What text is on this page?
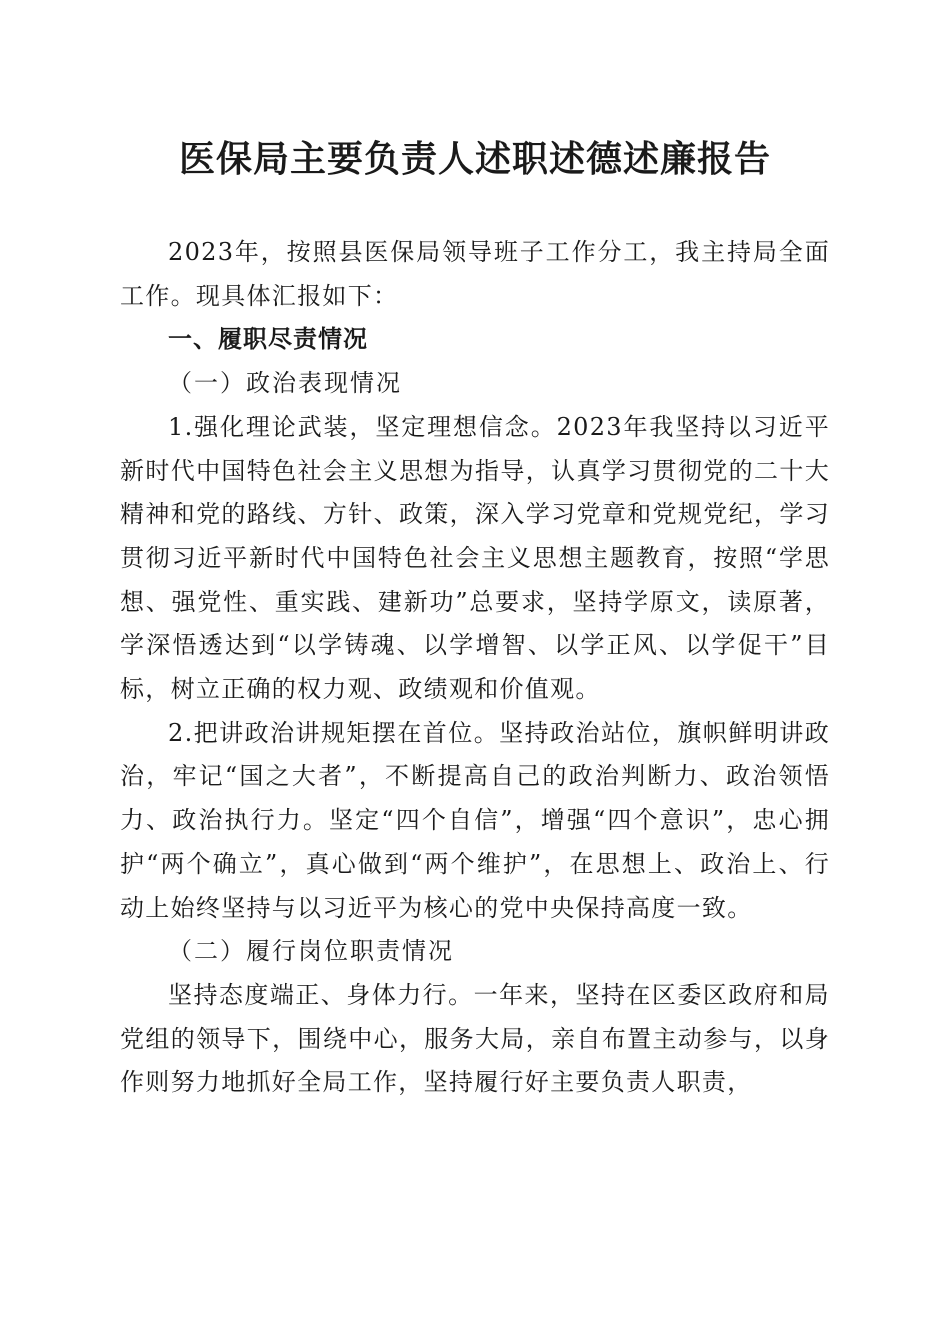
医保局主要负责人述职述德述廉报告

2023年，按照县医保局领导班子工作分工，我主持局全面工作。现具体汇报如下：

一、履职尽责情况

（一）政治表现情况

1.强化理论武装，坚定理想信念。2023年我坚持以习近平新时代中国特色社会主义思想为指导，认真学习贯彻党的二十大精神和党的路线、方针、政策，深入学习党章和党规党纪，学习贯彻习近平新时代中国特色社会主义思想主题教育，按照“学思想、强党性、重实践、建新功”总要求，坚持学原文，读原著，学深悟透达到“以学铸魂、以学增智、以学正风、以学促干”目标，树立正确的权力观、政绩观和价值观。

2.把讲政治讲规矩摆在首位。坚持政治站位，旗帜鲜明讲政治，牢记“国之大者”，不断提高自己的政治判断力、政治领悟力、政治执行力。坚定“四个自信”，增强“四个意识”，忠心拥护“两个确立”，真心做到“两个维护”，在思想上、政治上、行动上始终坚持与以习近平为核心的党中央保持高度一致。

（二）履行岗位职责情况

坚持态度端正、身体力行。一年来，坚持在区委区政府和局党组的领导下，围绕中心，服务大局，亲自布置主动参与，以身作则努力地抓好全局工作，坚持履行好主要负责人职责，
